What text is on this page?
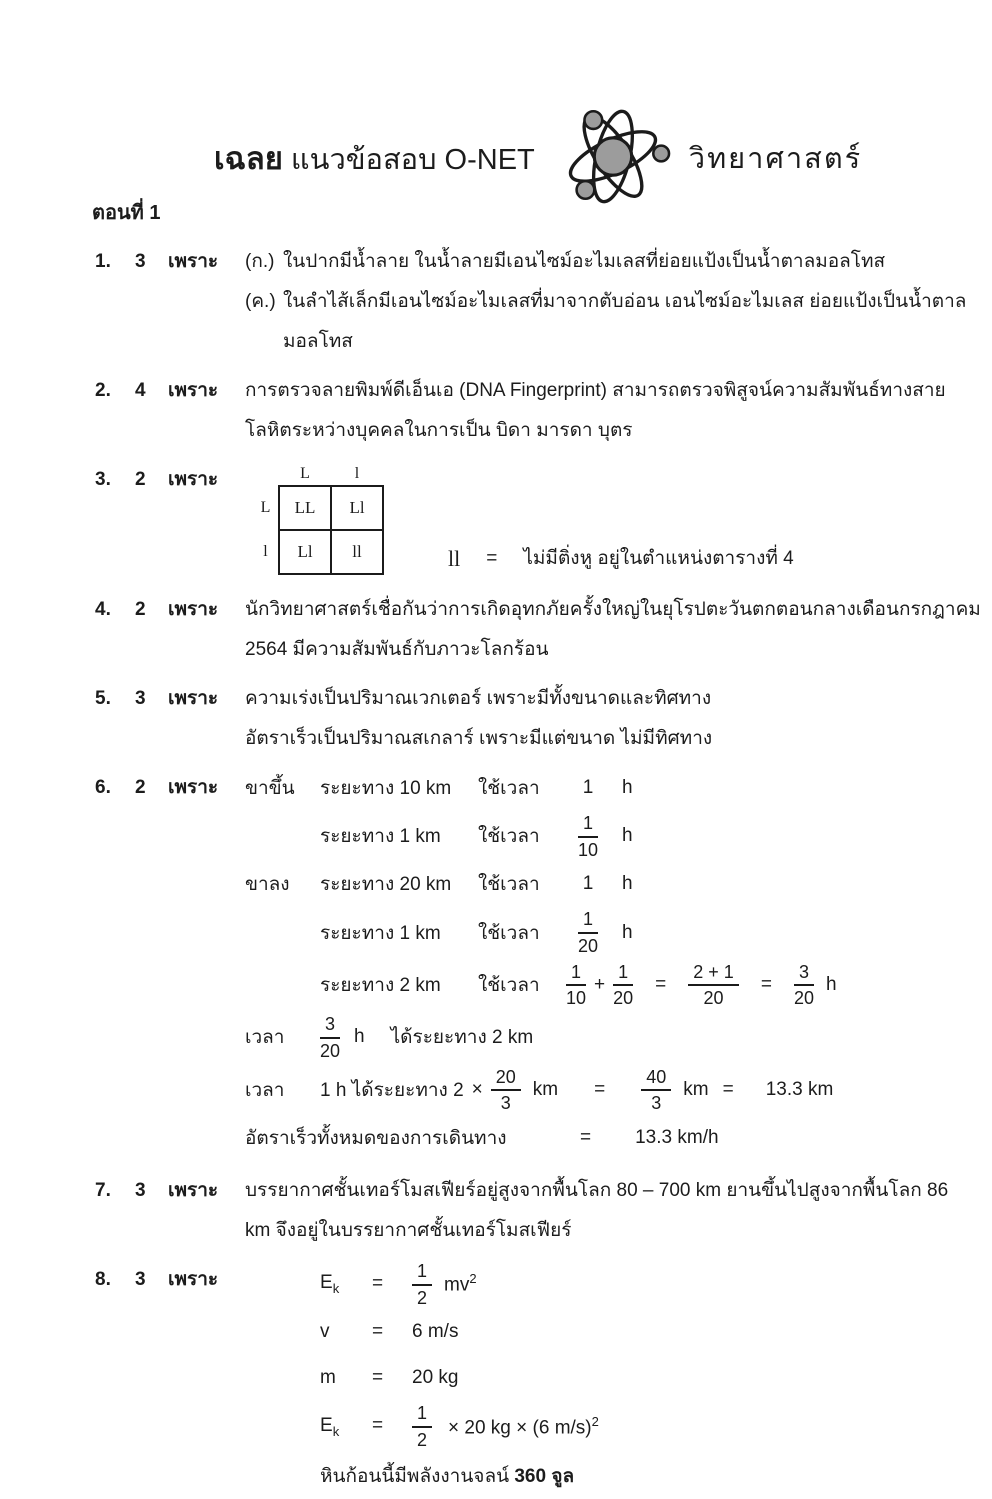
เฉลย แนวข้อสอบ O-NET	วิทยาศาสตร์
ตอนที่ 1
1.	3	เพราะ	(ก.) ในปากมีน้ำลาย ในน้ำลายมีเอนไซม์อะไมเลสที่ย่อยแป้งเป็นน้ำตาลมอลโทส
(ค.) ในลำไส้เล็กมีเอนไซม์อะไมเลสที่มาจากตับอ่อน เอนไซม์อะไมเลส ย่อยแป้งเป็นน้ำตาล
มอลโทส
2.	4	เพราะ	การตรวจลายพิมพ์ดีเอ็นเอ (DNA Fingerprint) สามารถตรวจพิสูจน์ความสัมพันธ์ทางสาย
โลหิตระหว่างบุคคลในการเป็น บิดา มารดา บุตร
3.	2	เพราะ
		L	l
L	LL	Ll
l	Ll	ll	ll = ไม่มีติ่งหู อยู่ในตำแหน่งตารางที่ 4
4.	2	เพราะ	นักวิทยาศาสตร์เชื่อกันว่าการเกิดอุทกภัยครั้งใหญ่ในยุโรปตะวันตกตอนกลางเดือนกรกฎาคม
2564 มีความสัมพันธ์กับภาวะโลกร้อน
5.	3	เพราะ	ความเร่งเป็นปริมาณเวกเตอร์ เพราะมีทั้งขนาดและทิศทาง
อัตราเร็วเป็นปริมาณสเกลาร์ เพราะมีแต่ขนาด ไม่มีทิศทาง
6.	2	เพราะ	ขาขึ้น	ระยะทาง 10 km	ใช้เวลา	1	h
ระยะทาง 1 km	ใช้เวลา	$\frac{1}{10}$ h
ขาลง	ระยะทาง 20 km	ใช้เวลา	1	h
ระยะทาง 1 km	ใช้เวลา	$\frac{1}{20}$ h
ระยะทาง 2 km	ใช้เวลา	$\frac{1}{10} + \frac{1}{20} = \frac{2 + 1}{20} = \frac{3}{20}$ h
เวลา	$\frac{3}{20}$ h ได้ระยะทาง 2 km
เวลา	1 h ได้ระยะทาง $2 \times \frac{20}{3}$ km = $\frac{40}{3}$ km = 13.3 km
อัตราเร็วทั้งหมดของการเดินทาง	= 13.3 km/h
7.	3	เพราะ	บรรยากาศชั้นเทอร์โมสเฟียร์อยู่สูงจากพื้นโลก 80 – 700 km ยานขึ้นไปสูงจากพื้นโลก 86
km จึงอยู่ในบรรยากาศชั้นเทอร์โมสเฟียร์
8.	3	เพราะ	$E_k$	=	$\frac{1}{2} mv^2$
v	=	6 m/s
m	=	20 kg
$E_k$	=	$\frac{1}{2} \times 20$ kg × (6 m/s)$^2$
หินก้อนนี้มีพลังงานจลน์ 360 จูล
